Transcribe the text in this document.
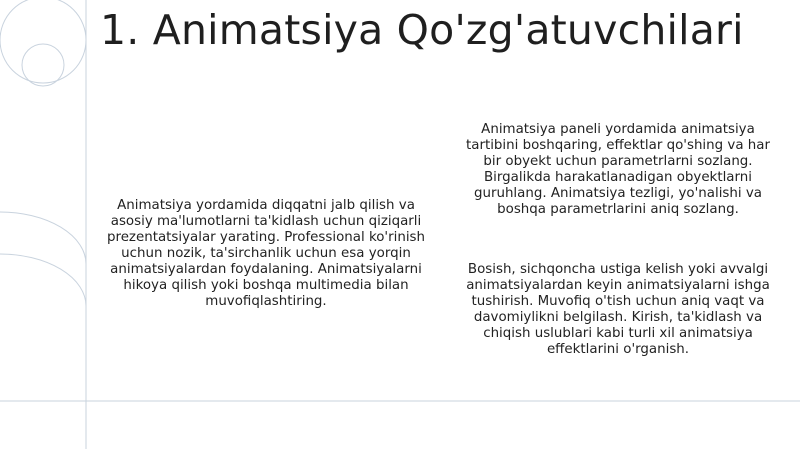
1. Animatsiya Qo'zg'atuvchilari
Animatsiya yordamida diqqatni jalb qilish va asosiy ma'lumotlarni ta'kidlash uchun qiziqarli prezentatsiyalar yarating. Professional ko'rinish uchun nozik, ta'sirchanlik uchun esa yorqin animatsiyalardan foydalaning. Animatsiyalarni hikoya qilish yoki boshqa multimedia bilan muvofiqlashtiring.
Animatsiya paneli yordamida animatsiya tartibini boshqaring, effektlar qo'shing va har bir obyekt uchun parametrlarni sozlang. Birgalikda harakatlanadigan obyektlarni guruhlang. Animatsiya tezligi, yo'nalishi va boshqa parametrlarini aniq sozlang.
Bosish, sichqoncha ustiga kelish yoki avvalgi animatsiyalardan keyin animatsiyalarni ishga tushirish. Muvofiq o'tish uchun aniq vaqt va davomiylikni belgilash. Kirish, ta'kidlash va chiqish uslublari kabi turli xil animatsiya effektlarini o'rganish.
